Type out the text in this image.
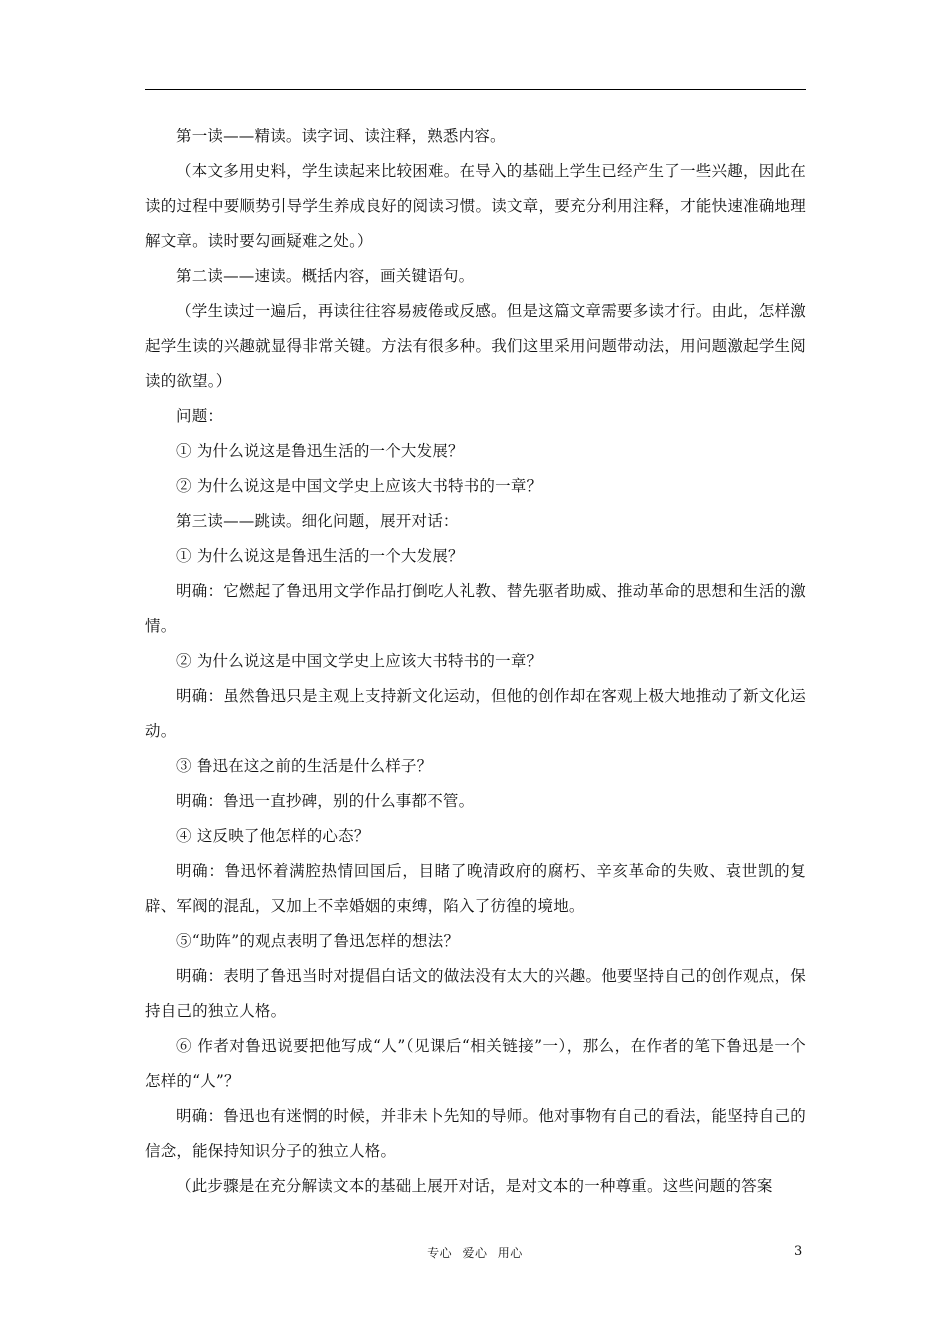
第一读——精读。读字词、读注释，熟悉内容。

（本文多用史料，学生读起来比较困难。在导入的基础上学生已经产生了一些兴趣，因此在读的过程中要顺势引导学生养成良好的阅读习惯。读文章，要充分利用注释，才能快速准确地理解文章。读时要勾画疑难之处。）

第二读——速读。概括内容，画关键语句。

（学生读过一遍后，再读往往容易疲倦或反感。但是这篇文章需要多读才行。由此，怎样激起学生读的兴趣就显得非常关键。方法有很多种。我们这里采用问题带动法，用问题激起学生阅读的欲望。）

问题：

① 为什么说这是鲁迅生活的一个大发展？

② 为什么说这是中国文学史上应该大书特书的一章？

第三读——跳读。细化问题，展开对话：

① 为什么说这是鲁迅生活的一个大发展？

明确：它燃起了鲁迅用文学作品打倒吃人礼教、替先驱者助威、推动革命的思想和生活的激情。

② 为什么说这是中国文学史上应该大书特书的一章？

明确：虽然鲁迅只是主观上支持新文化运动，但他的创作却在客观上极大地推动了新文化运动。

③ 鲁迅在这之前的生活是什么样子？

明确：鲁迅一直抄碑，别的什么事都不管。

④ 这反映了他怎样的心态？

明确：鲁迅怀着满腔热情回国后，目睹了晚清政府的腐朽、辛亥革命的失败、袁世凯的复辟、军阀的混乱，又加上不幸婚姻的束缚，陷入了彷徨的境地。

⑤“助阵”的观点表明了鲁迅怎样的想法？

明确：表明了鲁迅当时对提倡白话文的做法没有太大的兴趣。他要坚持自己的创作观点，保持自己的独立人格。

⑥ 作者对鲁迅说要把他写成“人”（见课后“相关链接”一），那么，在作者的笔下鲁迅是一个怎样的“人”？

明确：鲁迅也有迷惘的时候，并非未卜先知的导师。他对事物有自己的看法，能坚持自己的信念，能保持知识分子的独立人格。

（此步骤是在充分解读文本的基础上展开对话，是对文本的一种尊重。这些问题的答案

专心 爱心 用心	3
